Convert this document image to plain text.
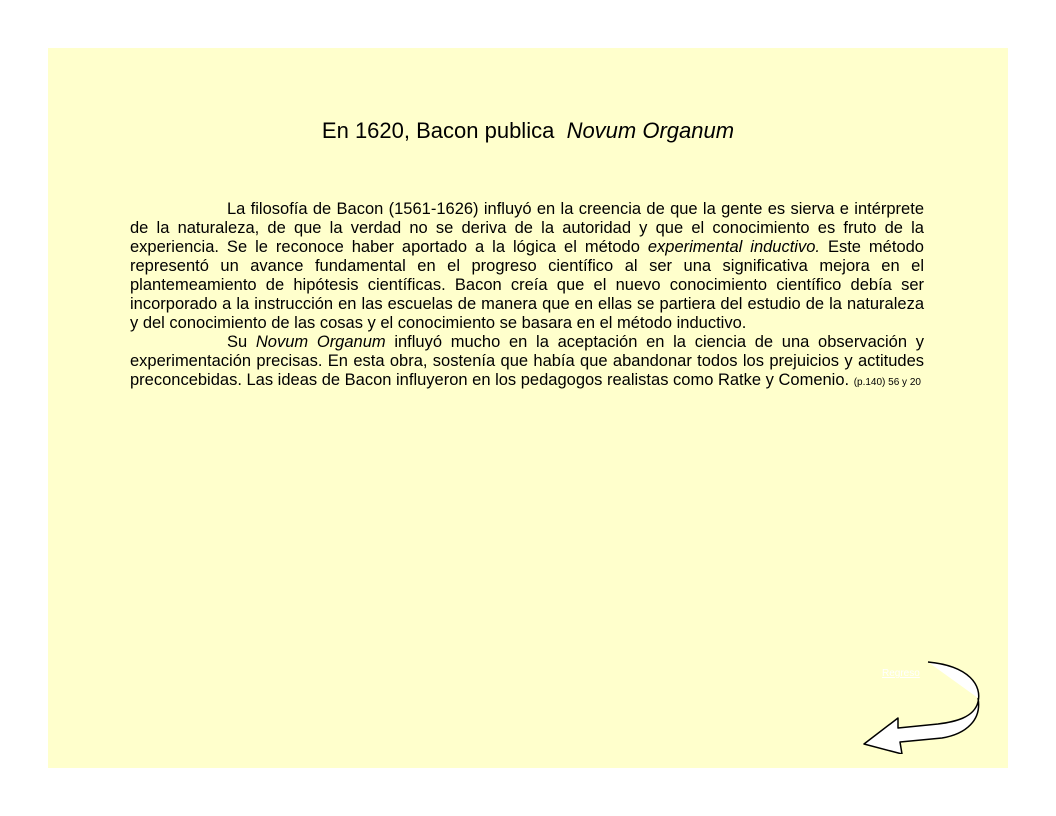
En 1620, Bacon publica Novum Organum

La filosofía de Bacon (1561-1626) influyó en la creencia de que la gente es sierva e intérprete de la naturaleza, de que la verdad no se deriva de la autoridad y que el conocimiento es fruto de la experiencia. Se le reconoce haber aportado a la lógica el método experimental inductivo. Este método representó un avance fundamental en el progreso científico al ser una significativa mejora en el plantemeamiento de hipótesis científicas. Bacon creía que el nuevo conocimiento científico debía ser incorporado a la instrucción en las escuelas de manera que en ellas se partiera del estudio de la naturaleza y del conocimiento de las cosas y el conocimiento se basara en el método inductivo.

Su Novum Organum influyó mucho en la aceptación en la ciencia de una observación y experimentación precisas. En esta obra, sostenía que había que abandonar todos los prejuicios y actitudes preconcebidas. Las ideas de Bacon influyeron en los pedagogos realistas como Ratke y Comenio. (p.140) 56 y 20

Regreso
